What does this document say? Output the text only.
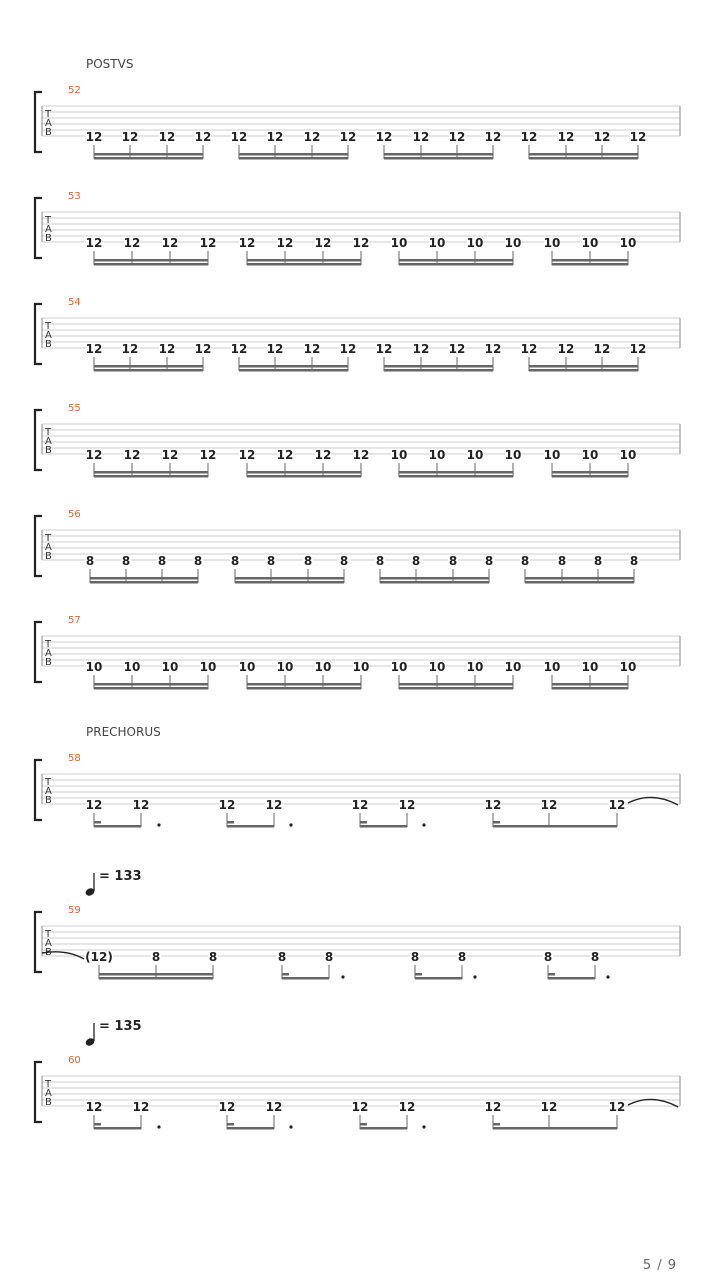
POSTVS
52
T
A
B	12 12 12 12 12 12 12 12 12 12 12 12 12 12 12 12
53
T
A
B	12 12 12 12 12 12 12 12 10 10 10 10 10 10 10
54
T
A
B	12 12 12 12 12 12 12 12 12 12 12 12 12 12 12 12
55
T
A
B	12 12 12 12 12 12 12 12 10 10 10 10 10 10 10
56
T
A
B	8 8 8 8 8 8 8 8 8 8 8 8 8 8 8 8
57
T
A
B	10 10 10 10 10 10 10 10 10 10 10 10 10 10 10
PRECHORUS
58
T
A
B	12	12	12	12	12	12	12	12	12
= 133
59
T
A
B	(12)	8	8	8	8	8	8	8	8
= 135
60
T
A
B	12	12	12	12	12	12	12	12	12
5 / 9
